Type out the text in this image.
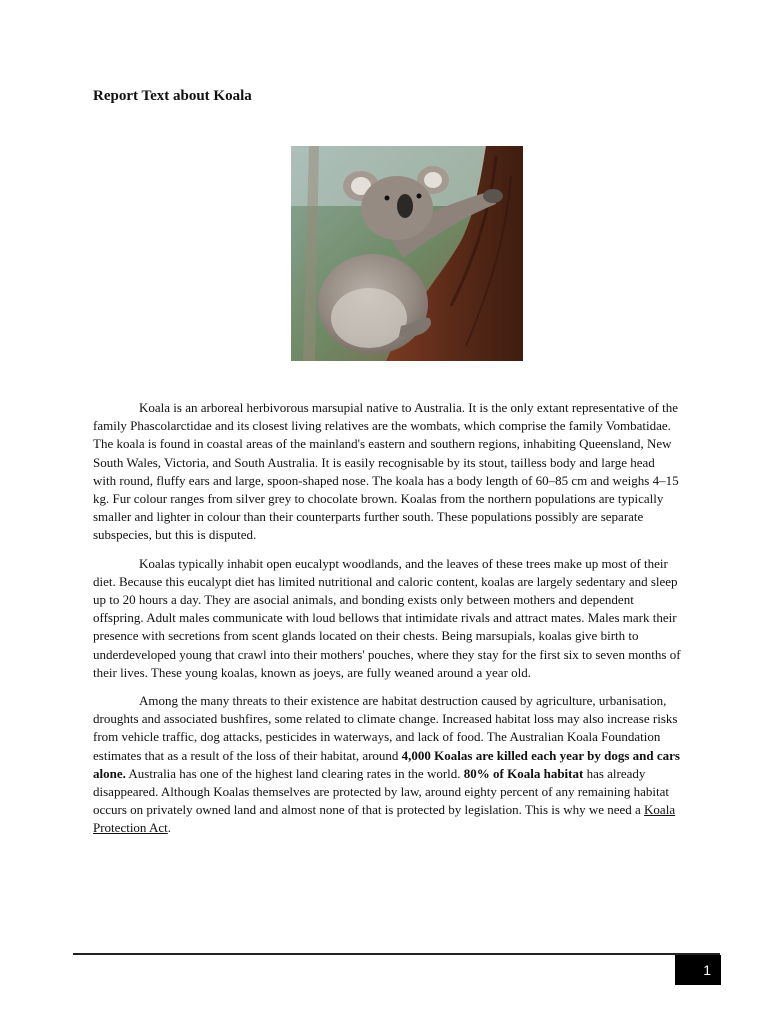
Report Text about Koala

Koala is an arboreal herbivorous marsupial native to Australia. It is the only extant representative of the family Phascolarctidae and its closest living relatives are the wombats, which comprise the family Vombatidae. The koala is found in coastal areas of the mainland's eastern and southern regions, inhabiting Queensland, New South Wales, Victoria, and South Australia. It is easily recognisable by its stout, tailless body and large head with round, fluffy ears and large, spoon-shaped nose. The koala has a body length of 60–85 cm and weighs 4–15 kg. Fur colour ranges from silver grey to chocolate brown. Koalas from the northern populations are typically smaller and lighter in colour than their counterparts further south. These populations possibly are separate subspecies, but this is disputed.

Koalas typically inhabit open eucalypt woodlands, and the leaves of these trees make up most of their diet. Because this eucalypt diet has limited nutritional and caloric content, koalas are largely sedentary and sleep up to 20 hours a day. They are asocial animals, and bonding exists only between mothers and dependent offspring. Adult males communicate with loud bellows that intimidate rivals and attract mates. Males mark their presence with secretions from scent glands located on their chests. Being marsupials, koalas give birth to underdeveloped young that crawl into their mothers' pouches, where they stay for the first six to seven months of their lives. These young koalas, known as joeys, are fully weaned around a year old.

Among the many threats to their existence are habitat destruction caused by agriculture, urbanisation, droughts and associated bushfires, some related to climate change. Increased habitat loss may also increase risks from vehicle traffic, dog attacks, pesticides in waterways, and lack of food. The Australian Koala Foundation estimates that as a result of the loss of their habitat, around 4,000 Koalas are killed each year by dogs and cars alone. Australia has one of the highest land clearing rates in the world. 80% of Koala habitat has already disappeared. Although Koalas themselves are protected by law, around eighty percent of any remaining habitat occurs on privately owned land and almost none of that is protected by legislation. This is why we need a Koala Protection Act.

1
